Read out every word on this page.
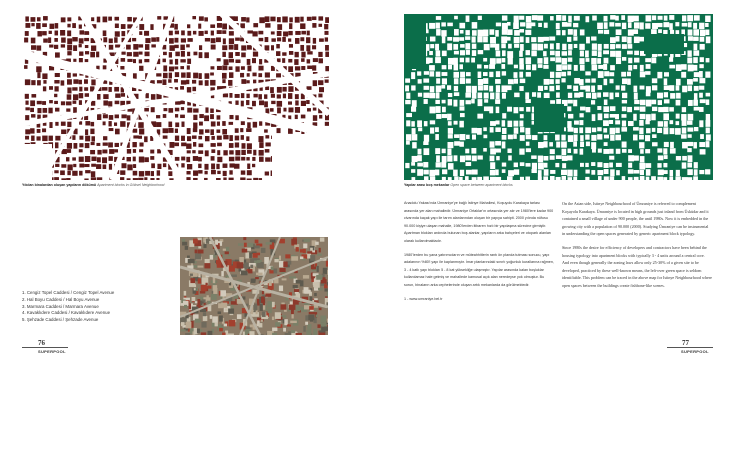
Yıkılan binalardan oluşan yapıların dökümü Apartment blocks in Göksel Neighborhood
1. Cengiz Topel Caddesi / Cengiz Topel Avenue
2. Hal Boyu Caddesi / Hal Boyu Avenue
3. Marmara Caddesi / Marmara Avenue
4. Kavaklıdere Caddesi / Kavaklıdere Avenue
5. Şehzade Caddesi / Şehzade Avenue
76
SUPERPOOL
Yapılar arası boş mekanlar Open space between apartment blocks

Anadolu Yakası'nda Ümraniye'ye bağlı İstinye Mahallesi, Koşuyolu Karakaya tarlası arasında yer alan mahalledir. Ümraniye Ortaklar'ın ortasında yer alır ve 1980'lere kadar 900 civarında kaçak yapı ile tarım alanlarından oluşan bir yapıya sahipti. 2000 yılında nüfusu 90.000 kişiye ulaşan mahalle, 1980'lerden itibaren hızlı bir yapılaşma sürecine girmiştir. Apartman blokları ardında bulunan boş alanlar, yapıların arka bahçeleri ve otopark alanları olarak kullanılmaktadır.

1980'lerden bu yana yatırımcıların ve müteahhitlerin rantı ön planda tutması sonucu, yapı adalarının %80'i yapı ile kaplanmıştır. İmar planlarındaki sınırlı yoğunluk kurallarına rağmen, 3 - 4 katlı yapı blokları 5 - 8 kat yüksekliğe ulaşmıştır. Yapılar arasında kalan boşluklar kullanılamaz hale gelmiş ve mahallede kamusal açık alan neredeyse yok olmuştur. Bu sorun, binaların arka cephelerinde oluşan artık mekanlarda da görülmektedir.

1 - www.umraniye.bel.tr

On the Asian side, Istinye Neighbourhood of Ümraniye is referred to complement Koşuyolu Karakaya. Ümraniye is located in high grounds just inland from Üsküdar and it contained a small village of under 900 people, the until 1980s. Now it is embedded in the growing city with a population of 90.000 (2000). Studying Ümraniye can be instrumental in understanding the open spaces generated by generic apartment block typology.

Since 1980s the desire for efficiency of developers and contractors have been behind the housing typology into apartment blocks with typically 3 - 4 units around a central core. And even though generally the zoning laws allow only 25-30% of a given site to be developed, practiced by these well-known means, the left-over green space is seldom identifiable. This problem can be traced in the above map for Istinye Neighbourhood where open spaces between the buildings create fishbone-like scenes.

77
SUPERPOOL
